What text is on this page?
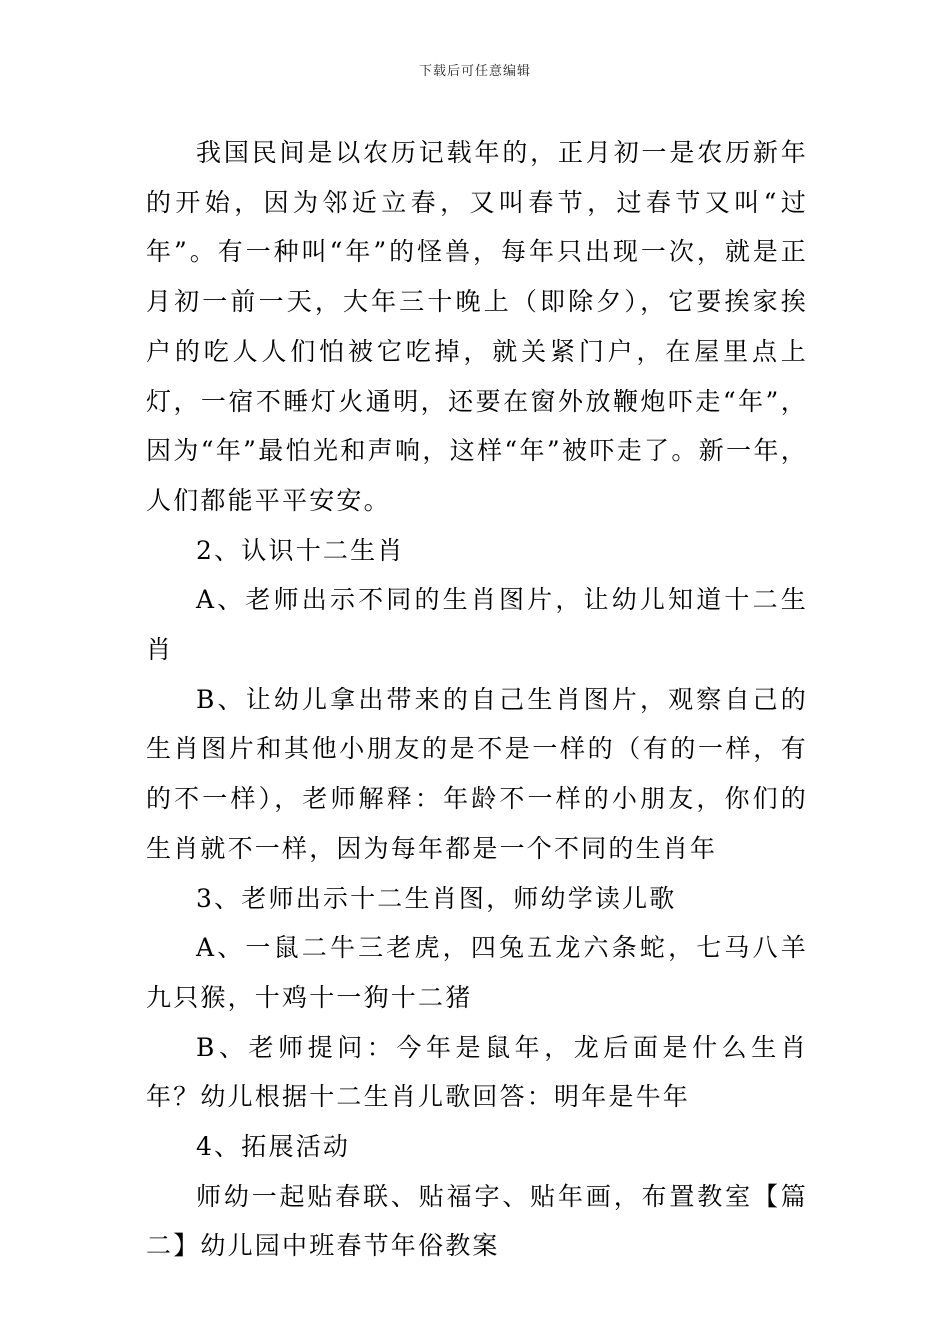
下载后可任意编辑

我国民间是以农历记载年的，正月初一是农历新年的开始，因为邻近立春，又叫春节，过春节又叫“过年”。有一种叫“年”的怪兽，每年只出现一次，就是正月初一前一天，大年三十晚上（即除夕），它要挨家挨户的吃人人们怕被它吃掉，就关紧门户，在屋里点上灯，一宿不睡灯火通明，还要在窗外放鞭炮吓走“年”，因为“年”最怕光和声响，这样“年”被吓走了。新一年，人们都能平平安安。

2、认识十二生肖

A、老师出示不同的生肖图片，让幼儿知道十二生肖

B、让幼儿拿出带来的自己生肖图片，观察自己的生肖图片和其他小朋友的是不是一样的（有的一样，有的不一样），老师解释：年龄不一样的小朋友，你们的生肖就不一样，因为每年都是一个不同的生肖年

3、老师出示十二生肖图，师幼学读儿歌

A、一鼠二牛三老虎，四兔五龙六条蛇，七马八羊九只猴，十鸡十一狗十二猪

B、老师提问：今年是鼠年，龙后面是什么生肖年？幼儿根据十二生肖儿歌回答：明年是牛年

4、拓展活动

师幼一起贴春联、贴福字、贴年画，布置教室【篇二】幼儿园中班春节年俗教案
